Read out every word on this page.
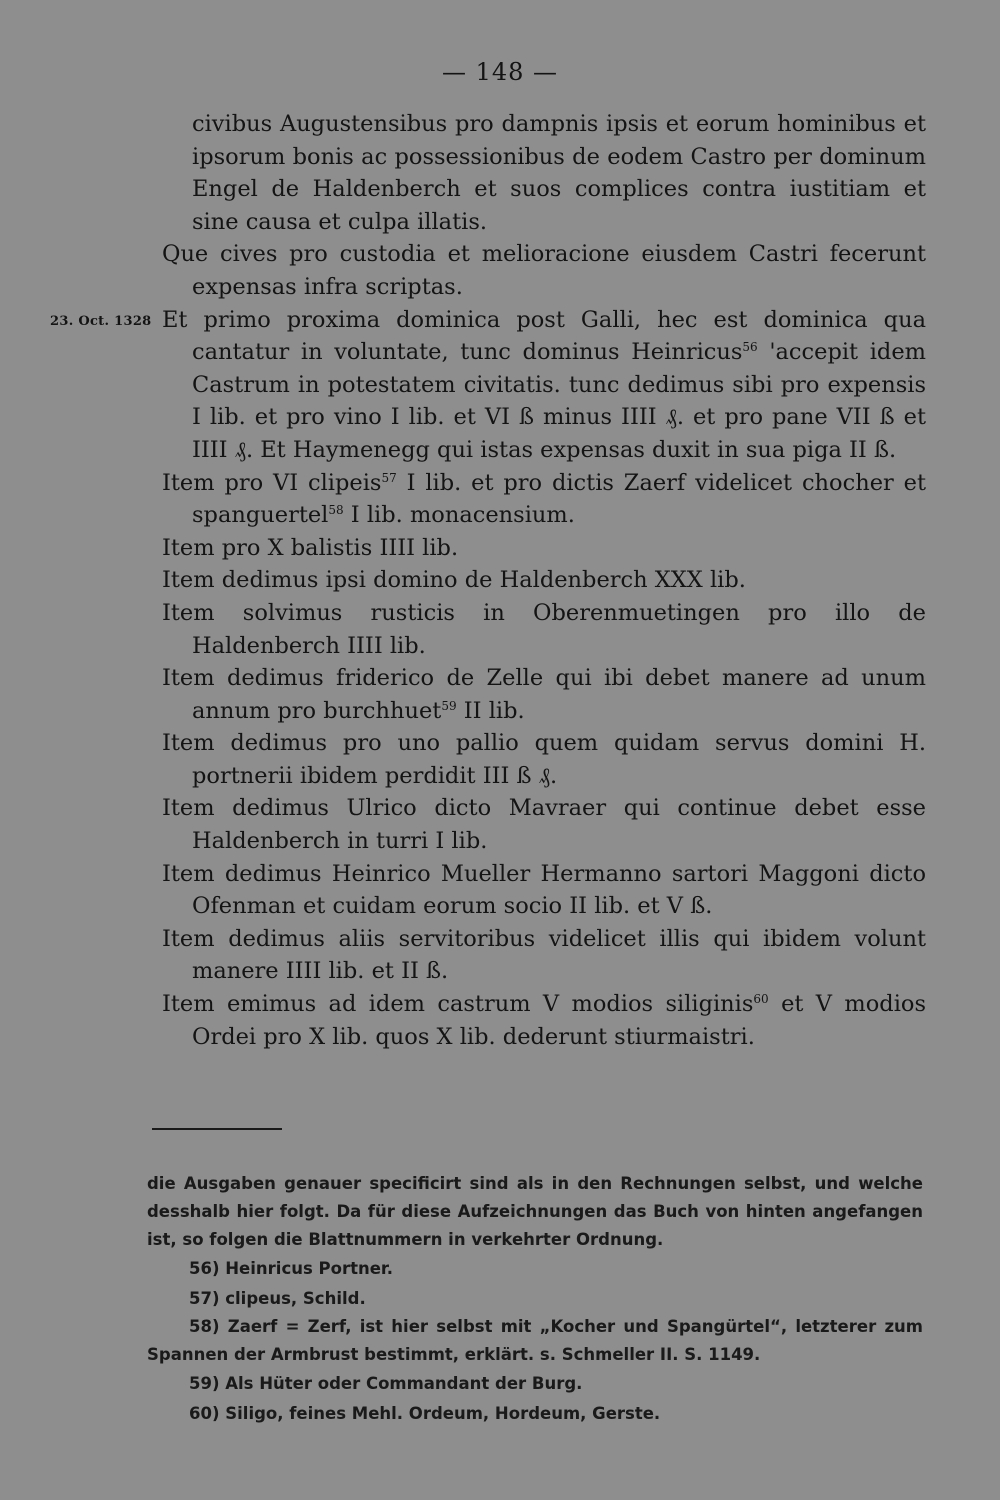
— 148 —
civibus Augustensibus pro dampnis ipsis et eorum hominibus et ipsorum bonis ac possessionibus de eodem Castro per dominum Engel de Haldenberch et suos complices contra iustitiam et sine causa et culpa illatis.
Que cives pro custodia et melioracione eiusdem Castri fecerunt expensas infra scriptas.
23. Oct. 1328 Et primo proxima dominica post Galli, hec est dominica qua cantatur in voluntate, tunc dominus Heinricus$^{56}$ 'accepit idem Castrum in potestatem civitatis. tunc dedimus sibi pro expensis I lib. et pro vino I lib. et VI ß minus IIII ₰. et pro pane VII ß et IIII ₰. Et Haymenegg qui istas expensas duxit in sua piga II ß.
Item pro VI clipeis$^{57}$ I lib. et pro dictis Zaerf videlicet chocher et spanguertel$^{58}$ I lib. monacensium.
Item pro X balistis IIII lib.
Item dedimus ipsi domino de Haldenberch XXX lib.
Item solvimus rusticis in Oberenmuetingen pro illo de Haldenberch IIII lib.
Item dedimus friderico de Zelle qui ibi debet manere ad unum annum pro burchhuet$^{59}$ II lib.
Item dedimus pro uno pallio quem quidam servus domini H. portnerii ibidem perdidit III ß ₰.
Item dedimus Ulrico dicto Mavraer qui continue debet esse Haldenberch in turri I lib.
Item dedimus Heinrico Mueller Hermanno sartori Maggoni dicto Ofenman et cuidam eorum socio II lib. et V ß.
Item dedimus aliis servitoribus videlicet illis qui ibidem volunt manere IIII lib. et II ß.
Item emimus ad idem castrum V modios siliginis$^{60}$ et V modios Ordei pro X lib. quos X lib. dederunt stiurmaistri.
die Ausgaben genauer specificirt sind als in den Rechnungen selbst, und welche desshalb hier folgt. Da für diese Aufzeichnungen das Buch von hinten angefangen ist, so folgen die Blattnummern in verkehrter Ordnung.
56) Heinricus Portner.
57) clipeus, Schild.
58) Zaerf = Zerf, ist hier selbst mit „Kocher und Spangürtel“, letzterer zum Spannen der Armbrust bestimmt, erklärt. s. Schmeller II. S. 1149.
59) Als Hüter oder Commandant der Burg.
60) Siligo, feines Mehl. Ordeum, Hordeum, Gerste.
